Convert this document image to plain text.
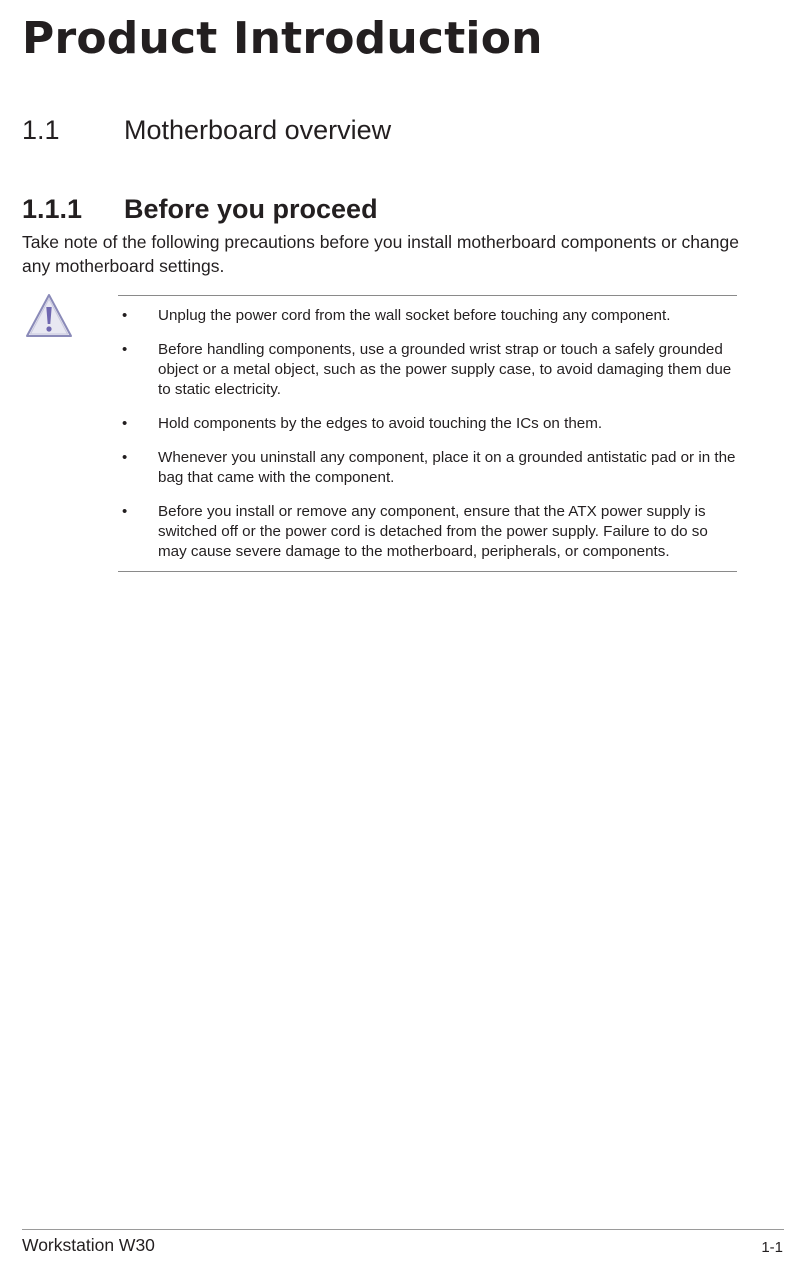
Product Introduction
1.1 Motherboard overview
1.1.1 Before you proceed

Take note of the following precautions before you install motherboard components or change any motherboard settings.

• Unplug the power cord from the wall socket before touching any component.
• Before handling components, use a grounded wrist strap or touch a safely grounded object or a metal object, such as the power supply case, to avoid damaging them due to static electricity.
• Hold components by the edges to avoid touching the ICs on them.
• Whenever you uninstall any component, place it on a grounded antistatic pad or in the bag that came with the component.
• Before you install or remove any component, ensure that the ATX power supply is switched off or the power cord is detached from the power supply. Failure to do so may cause severe damage to the motherboard, peripherals, or components.
Workstation W30	1-1
